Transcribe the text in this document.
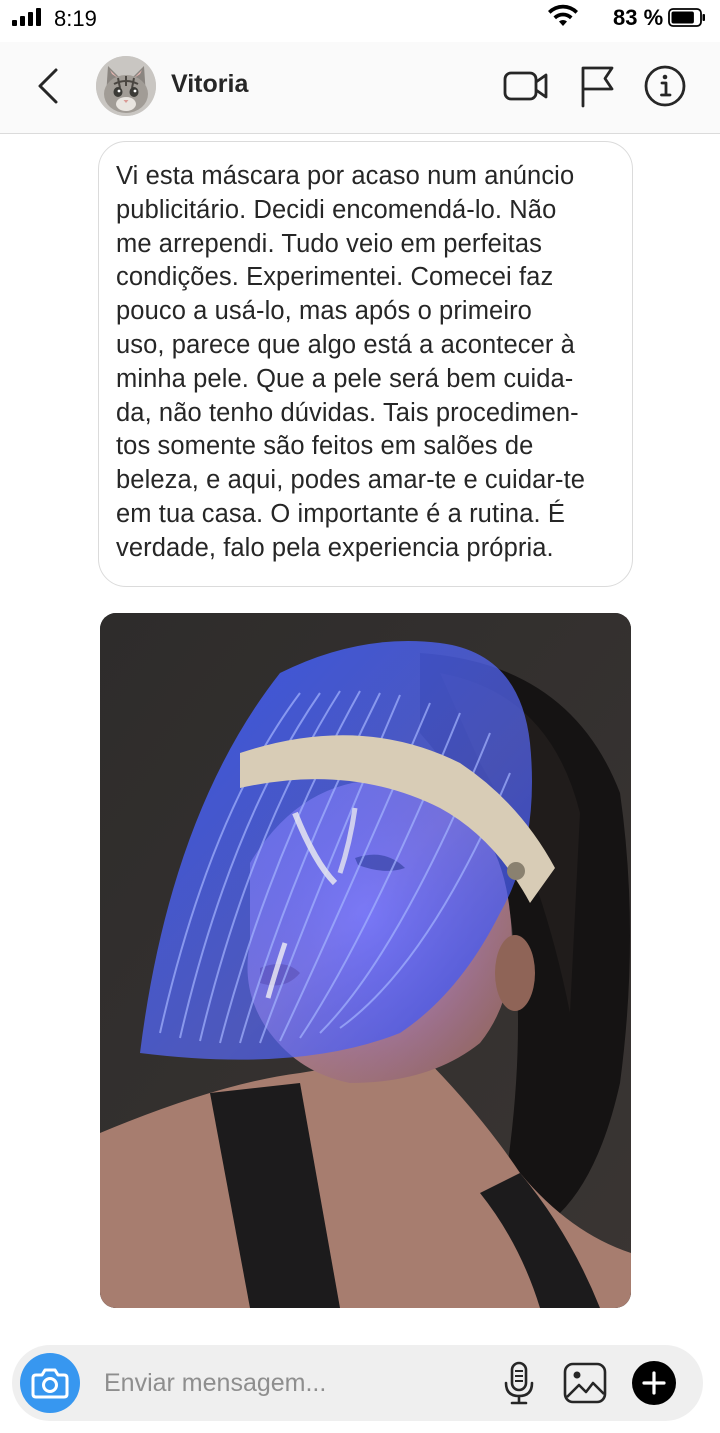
8:19	83 %
Vitoria
Vi esta máscara por acaso num anúncio
publicitário. Decidi encomendá-lo. Não
me arrependi. Tudo veio em perfeitas
condições. Experimentei. Comecei faz
pouco a usá-lo, mas após o primeiro
uso, parece que algo está a acontecer à
minha pele. Que a pele será bem cuida-
da, não tenho dúvidas. Tais procedimen-
tos somente são feitos em salões de
beleza, e aqui, podes amar-te e cuidar-te
em tua casa. O importante é a rutina. É
verdade, falo pela experiencia própria.
Enviar mensagem...
